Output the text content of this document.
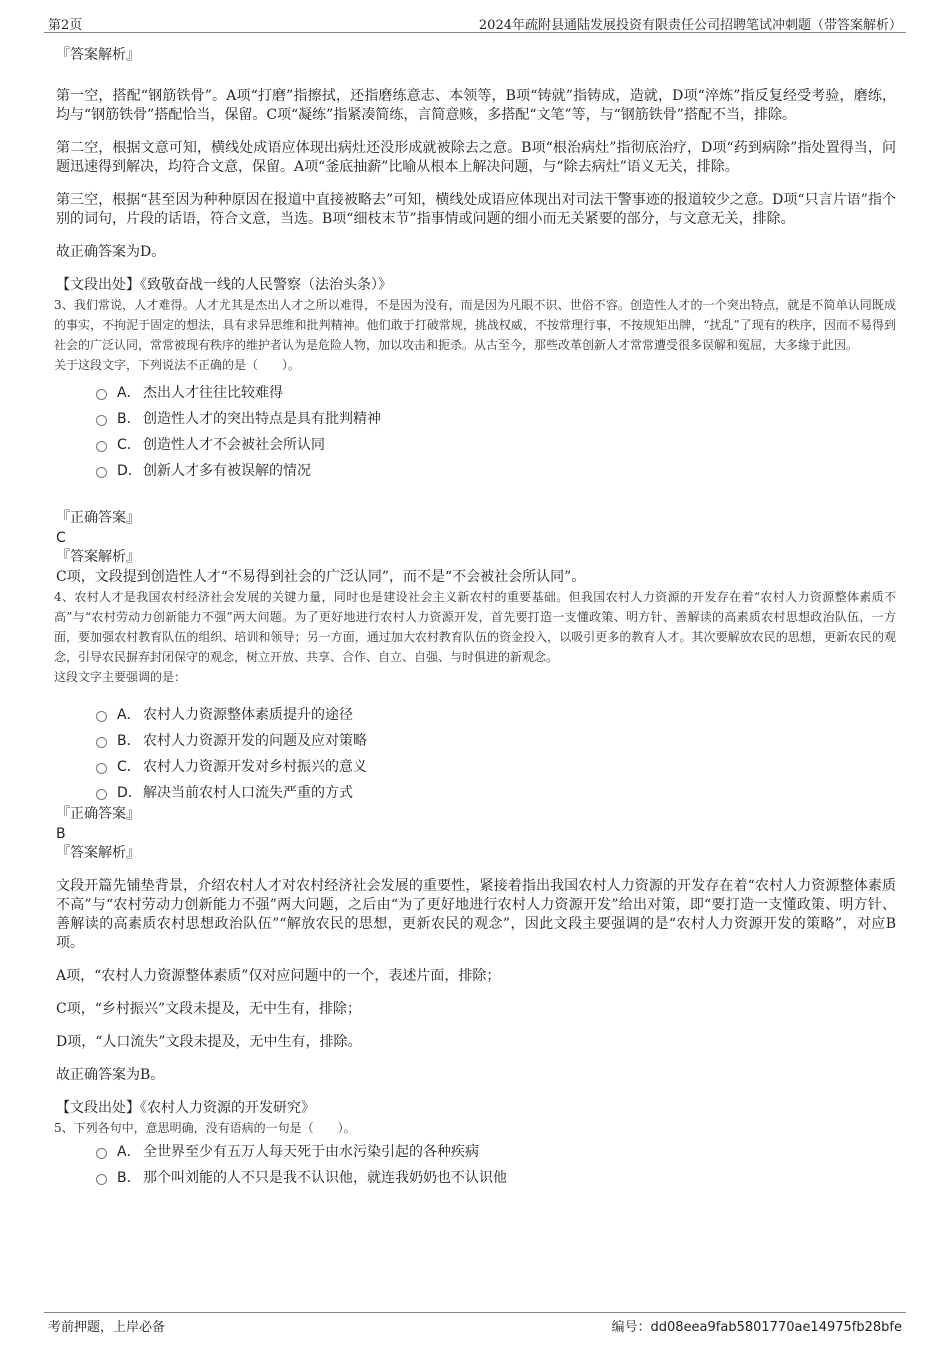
第2页	2024年疏附县通陆发展投资有限责任公司招聘笔试冲刺题（带答案解析）

『答案解析』

第一空，搭配“钢筋铁骨”。A项“打磨”指擦拭，还指磨练意志、本领等，B项“铸就”指铸成，造就，D项“淬炼”指反复经受考验，磨练，均与“钢筋铁骨”搭配恰当，保留。C项“凝练”指紧凑简练，言简意赅，多搭配“文笔”等，与“钢筋铁骨”搭配不当，排除。

第二空，根据文意可知，横线处成语应体现出病灶还没形成就被除去之意。B项“根治病灶”指彻底治疗，D项“药到病除”指处置得当，问题迅速得到解决，均符合文意，保留。A项“釜底抽薪”比喻从根本上解决问题，与“除去病灶”语义无关，排除。

第三空，根据“甚至因为种种原因在报道中直接被略去”可知，横线处成语应体现出对司法干警事迹的报道较少之意。D项“只言片语”指个别的词句，片段的话语，符合文意，当选。B项“细枝末节”指事情或问题的细小而无关紧要的部分，与文意无关，排除。

故正确答案为D。

【文段出处】《致敬奋战一线的人民警察（法治头条）》

3、我们常说，人才难得。人才尤其是杰出人才之所以难得，不是因为没有，而是因为凡眼不识、世俗不容。创造性人才的一个突出特点，就是不简单认同既成的事实，不拘泥于固定的想法，具有求异思维和批判精神。他们敢于打破常规，挑战权威，不按常理行事，不按规矩出牌，“扰乱”了现有的秩序，因而不易得到社会的广泛认同，常常被现有秩序的维护者认为是危险人物，加以攻击和扼杀。从古至今，那些改革创新人才常常遭受很多误解和冤屈，大多缘于此因。

关于这段文字，下列说法不正确的是（　　）。

A． 杰出人才往往比较难得
B． 创造性人才的突出特点是具有批判精神
C． 创造性人才不会被社会所认同
D． 创新人才多有被误解的情况

『正确答案』

C

『答案解析』

C项，文段提到创造性人才“不易得到社会的广泛认同”，而不是“不会被社会所认同”。

4、农村人才是我国农村经济社会发展的关键力量，同时也是建设社会主义新农村的重要基础。但我国农村人力资源的开发存在着“农村人力资源整体素质不高”与“农村劳动力创新能力不强”两大问题。为了更好地进行农村人力资源开发，首先要打造一支懂政策、明方针、善解读的高素质农村思想政治队伍，一方面，要加强农村教育队伍的组织、培训和领导；另一方面，通过加大农村教育队伍的资金投入，以吸引更多的教育人才。其次要解放农民的思想，更新农民的观念，引导农民摒弃封闭保守的观念，树立开放、共享、合作、自立、自强、与时俱进的新观念。

这段文字主要强调的是：

A． 农村人力资源整体素质提升的途径
B． 农村人力资源开发的问题及应对策略
C． 农村人力资源开发对乡村振兴的意义
D． 解决当前农村人口流失严重的方式

『正确答案』

B

『答案解析』

文段开篇先铺垫背景，介绍农村人才对农村经济社会发展的重要性，紧接着指出我国农村人力资源的开发存在着“农村人力资源整体素质不高”与“农村劳动力创新能力不强”两大问题，之后由“为了更好地进行农村人力资源开发”给出对策，即“要打造一支懂政策、明方针、善解读的高素质农村思想政治队伍”“解放农民的思想，更新农民的观念”，因此文段主要强调的是“农村人力资源开发的策略”，对应B项。

A项，“农村人力资源整体素质”仅对应问题中的一个，表述片面，排除；

C项，“乡村振兴”文段未提及，无中生有，排除；

D项，“人口流失”文段未提及，无中生有，排除。

故正确答案为B。

【文段出处】《农村人力资源的开发研究》

5、下列各句中，意思明确，没有语病的一句是（　　）。

A． 全世界至少有五万人每天死于由水污染引起的各种疾病
B． 那个叫刘能的人不只是我不认识他，就连我奶奶也不认识他
考前押题，上岸必备	编号：dd08eea9fab5801770ae14975fb28bfe
